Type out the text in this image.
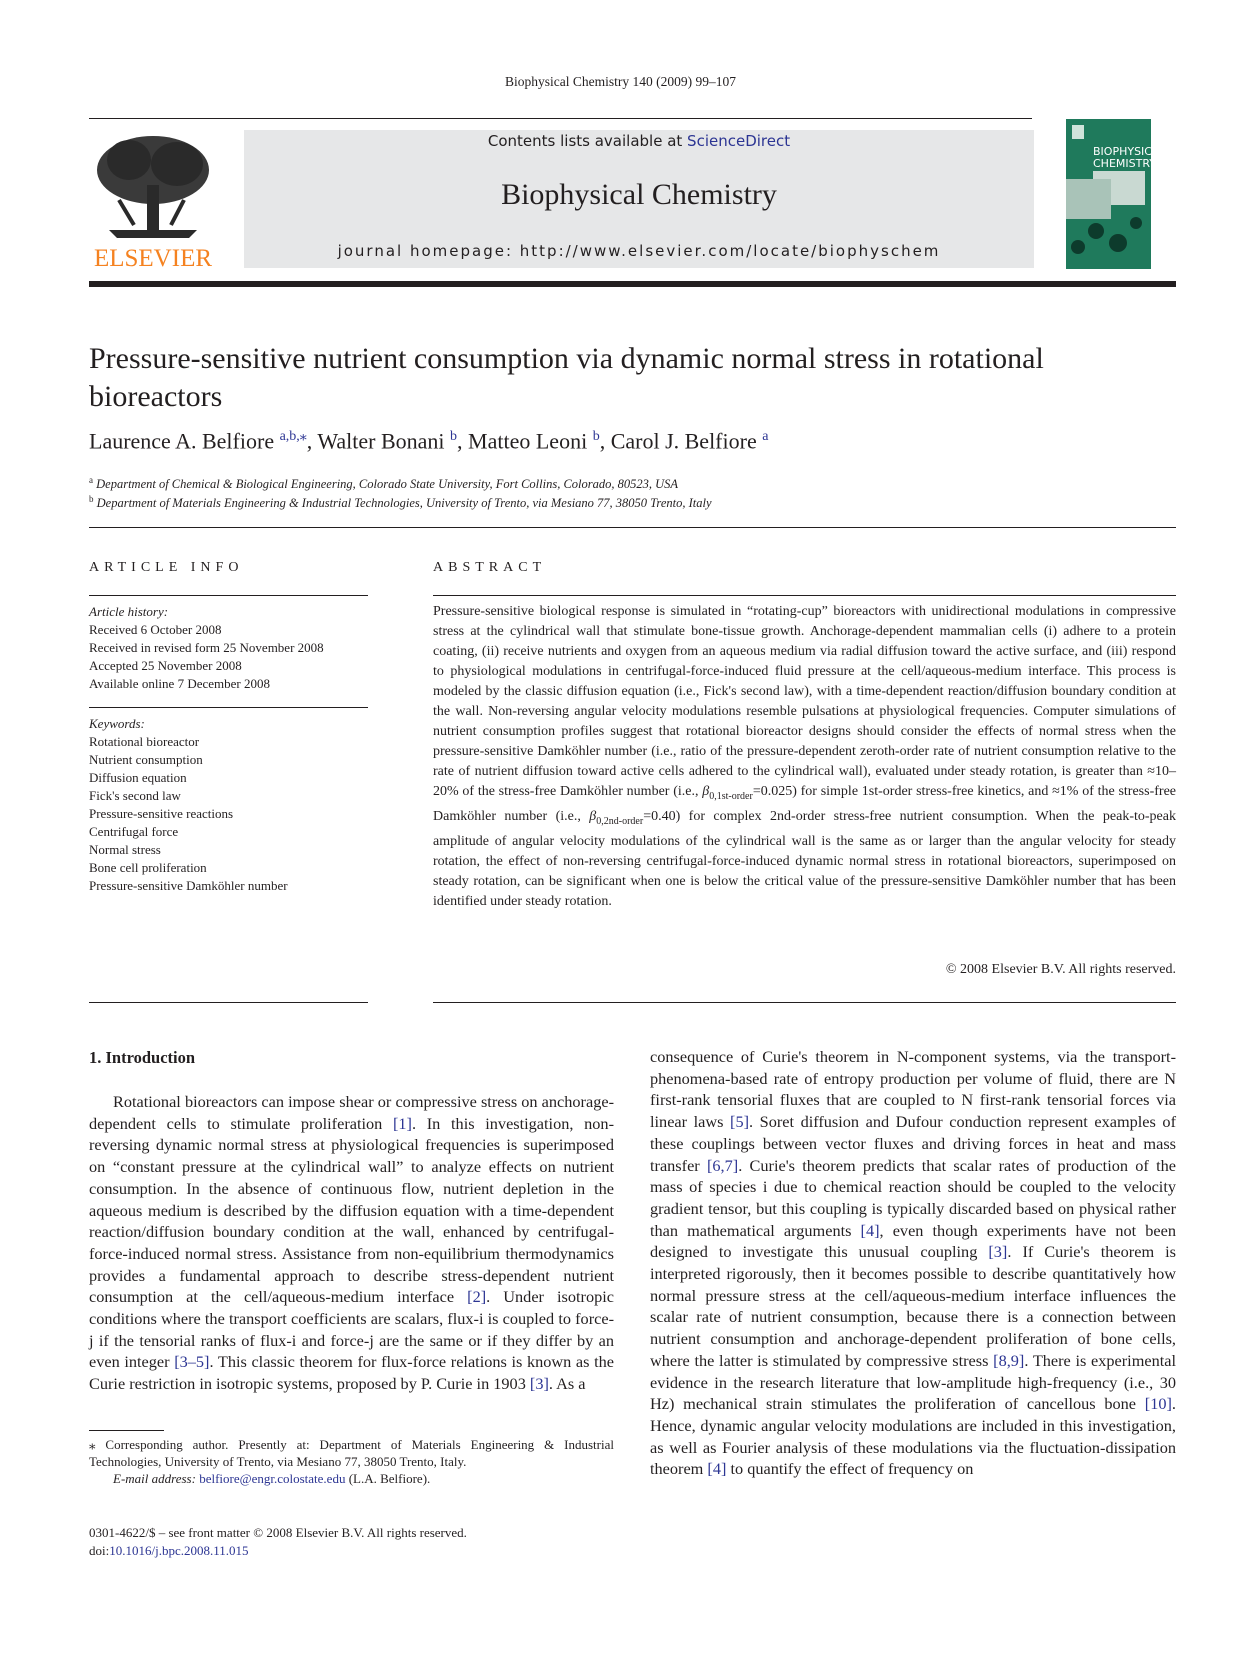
Biophysical Chemistry 140 (2009) 99–107
ELSEVIER
Contents lists available at ScienceDirect
Biophysical Chemistry
journal homepage: http://www.elsevier.com/locate/biophyschem
BIOPHYSICAL
CHEMISTRY
Pressure-sensitive nutrient consumption via dynamic normal stress in rotational bioreactors
Laurence A. Belfiore $^{a,b,⁎}$, Walter Bonani $^b$, Matteo Leoni $^b$, Carol J. Belfiore $^a$
$^a$ Department of Chemical & Biological Engineering, Colorado State University, Fort Collins, Colorado, 80523, USA
$^b$ Department of Materials Engineering & Industrial Technologies, University of Trento, via Mesiano 77, 38050 Trento, Italy
ARTICLE INFO
Article history:
Received 6 October 2008
Received in revised form 25 November 2008
Accepted 25 November 2008
Available online 7 December 2008
Keywords:
Rotational bioreactor
Nutrient consumption
Diffusion equation
Fick's second law
Pressure-sensitive reactions
Centrifugal force
Normal stress
Bone cell proliferation
Pressure-sensitive Damköhler number
ABSTRACT
Pressure-sensitive biological response is simulated in “rotating-cup” bioreactors with unidirectional modulations in compressive stress at the cylindrical wall that stimulate bone-tissue growth. Anchorage-dependent mammalian cells (i) adhere to a protein coating, (ii) receive nutrients and oxygen from an aqueous medium via radial diffusion toward the active surface, and (iii) respond to physiological modulations in centrifugal-force-induced fluid pressure at the cell/aqueous-medium interface. This process is modeled by the classic diffusion equation (i.e., Fick's second law), with a time-dependent reaction/diffusion boundary condition at the wall. Non-reversing angular velocity modulations resemble pulsations at physiological frequencies. Computer simulations of nutrient consumption profiles suggest that rotational bioreactor designs should consider the effects of normal stress when the pressure-sensitive Damköhler number (i.e., ratio of the pressure-dependent zeroth-order rate of nutrient consumption relative to the rate of nutrient diffusion toward active cells adhered to the cylindrical wall), evaluated under steady rotation, is greater than ≈10–20% of the stress-free Damköhler number (i.e., $\beta_{0,1st-order}=0.025$) for simple 1st-order stress-free kinetics, and ≈1% of the stress-free Damköhler number (i.e., $\beta_{0,2nd-order}=0.40$) for complex 2nd-order stress-free nutrient consumption. When the peak-to-peak amplitude of angular velocity modulations of the cylindrical wall is the same as or larger than the angular velocity for steady rotation, the effect of non-reversing centrifugal-force-induced dynamic normal stress in rotational bioreactors, superimposed on steady rotation, can be significant when one is below the critical value of the pressure-sensitive Damköhler number that has been identified under steady rotation.
© 2008 Elsevier B.V. All rights reserved.
1. Introduction
Rotational bioreactors can impose shear or compressive stress on anchorage-dependent cells to stimulate proliferation [1]. In this investigation, non-reversing dynamic normal stress at physiological frequencies is superimposed on “constant pressure at the cylindrical wall” to analyze effects on nutrient consumption. In the absence of continuous flow, nutrient depletion in the aqueous medium is described by the diffusion equation with a time-dependent reaction/diffusion boundary condition at the wall, enhanced by centrifugal-force-induced normal stress. Assistance from non-equilibrium thermodynamics provides a fundamental approach to describe stress-dependent nutrient consumption at the cell/aqueous-medium interface [2]. Under isotropic conditions where the transport coefficients are scalars, flux-i is coupled to force-j if the tensorial ranks of flux-i and force-j are the same or if they differ by an even integer [3–5]. This classic theorem for flux-force relations is known as the Curie restriction in isotropic systems, proposed by P. Curie in 1903 [3]. As a
consequence of Curie's theorem in N-component systems, via the transport-phenomena-based rate of entropy production per volume of fluid, there are N first-rank tensorial fluxes that are coupled to N first-rank tensorial forces via linear laws [5]. Soret diffusion and Dufour conduction represent examples of these couplings between vector fluxes and driving forces in heat and mass transfer [6,7]. Curie's theorem predicts that scalar rates of production of the mass of species i due to chemical reaction should be coupled to the velocity gradient tensor, but this coupling is typically discarded based on physical rather than mathematical arguments [4], even though experiments have not been designed to investigate this unusual coupling [3]. If Curie's theorem is interpreted rigorously, then it becomes possible to describe quantitatively how normal pressure stress at the cell/aqueous-medium interface influences the scalar rate of nutrient consumption, because there is a connection between nutrient consumption and anchorage-dependent proliferation of bone cells, where the latter is stimulated by compressive stress [8,9]. There is experimental evidence in the research literature that low-amplitude high-frequency (i.e., 30 Hz) mechanical strain stimulates the proliferation of cancellous bone [10]. Hence, dynamic angular velocity modulations are included in this investigation, as well as Fourier analysis of these modulations via the fluctuation-dissipation theorem [4] to quantify the effect of frequency on
⁎ Corresponding author. Presently at: Department of Materials Engineering & Industrial Technologies, University of Trento, via Mesiano 77, 38050 Trento, Italy.
E-mail address: belfiore@engr.colostate.edu (L.A. Belfiore).
0301-4622/$ – see front matter © 2008 Elsevier B.V. All rights reserved.
doi:10.1016/j.bpc.2008.11.015
